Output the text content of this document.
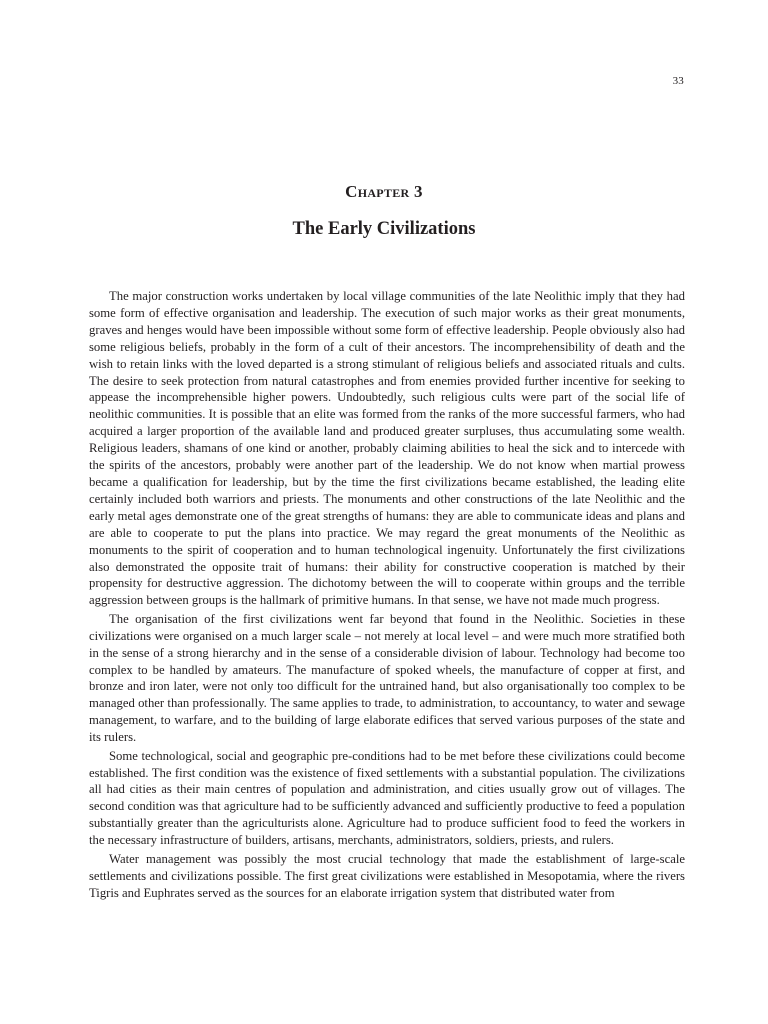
33
Chapter 3
The Early Civilizations

The major construction works undertaken by local village communities of the late Neolithic imply that they had some form of effective organisation and leadership. The execution of such major works as their great monuments, graves and henges would have been impossible without some form of effective leadership. People obviously also had some religious beliefs, probably in the form of a cult of their ancestors. The incomprehensibility of death and the wish to retain links with the loved departed is a strong stimulant of religious beliefs and associated rituals and cults. The desire to seek protection from natural catastrophes and from enemies provided further incentive for seeking to appease the incomprehensible higher powers. Undoubtedly, such religious cults were part of the social life of neolithic communities. It is possible that an elite was formed from the ranks of the more successful farmers, who had acquired a larger proportion of the available land and produced greater surpluses, thus accumulating some wealth. Religious leaders, shamans of one kind or another, probably claiming abilities to heal the sick and to intercede with the spirits of the ancestors, probably were another part of the leadership. We do not know when martial prowess became a qualification for leadership, but by the time the first civilizations became established, the leading elite certainly included both warriors and priests. The monuments and other constructions of the late Neolithic and the early metal ages demonstrate one of the great strengths of humans: they are able to communicate ideas and plans and are able to cooperate to put the plans into practice. We may regard the great monuments of the Neolithic as monuments to the spirit of cooperation and to human technological ingenuity. Unfortunately the first civilizations also demonstrated the opposite trait of humans: their ability for constructive cooperation is matched by their propensity for destructive aggression. The dichotomy between the will to cooperate within groups and the terrible aggression between groups is the hallmark of primitive humans. In that sense, we have not made much progress.

The organisation of the first civilizations went far beyond that found in the Neolithic. Societies in these civilizations were organised on a much larger scale – not merely at local level – and were much more stratified both in the sense of a strong hierarchy and in the sense of a considerable division of labour. Technology had become too complex to be handled by amateurs. The manufacture of spoked wheels, the manufacture of copper at first, and bronze and iron later, were not only too difficult for the untrained hand, but also organisationally too complex to be managed other than professionally. The same applies to trade, to administration, to accountancy, to water and sewage management, to warfare, and to the building of large elaborate edifices that served various purposes of the state and its rulers.

Some technological, social and geographic pre-conditions had to be met before these civilizations could become established. The first condition was the existence of fixed settlements with a substantial population. The civilizations all had cities as their main centres of population and administration, and cities usually grow out of villages. The second condition was that agriculture had to be sufficiently advanced and sufficiently productive to feed a population substantially greater than the agriculturists alone. Agriculture had to produce sufficient food to feed the workers in the necessary infrastructure of builders, artisans, merchants, administrators, soldiers, priests, and rulers.

Water management was possibly the most crucial technology that made the establishment of large-scale settlements and civilizations possible. The first great civilizations were established in Mesopotamia, where the rivers Tigris and Euphrates served as the sources for an elaborate irrigation system that distributed water from
